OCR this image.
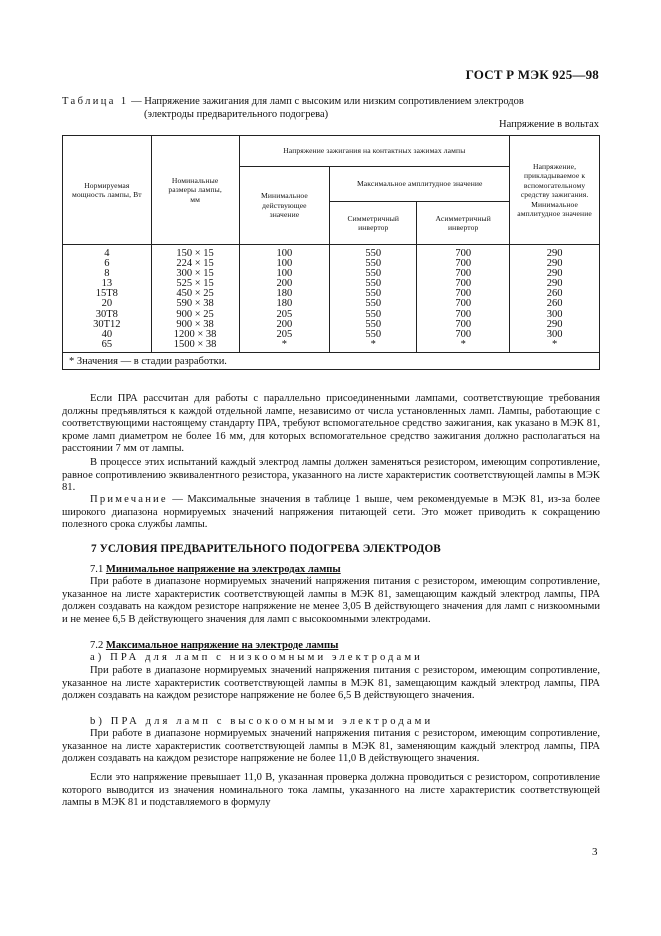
ГОСТ Р МЭК 925—98
Таблица 1 — Напряжение зажигания для ламп с высоким или низким сопротивлением электродов
(электроды предварительного подогрева)
Напряжение в вольтах
Нормируемая мощность лампы, Вт	Номинальные размеры лампы, мм	Напряжение зажигания на контактных зажимах лампы			Напряжение, прикладываемое к вспомогательному средству зажигания. Минимальное амплитудное значение
		Минимальное действующее значение	Максимальное амплитудное значение		
			Симметричный инвертор	Асимметричный инвертор	
4	150 × 15	100	550	700	290
6	224 × 15	100	550	700	290
8	300 × 15	100	550	700	290
13	525 × 15	200	550	700	290
15T8	450 × 25	180	550	700	260
20	590 × 38	180	550	700	260
30T8	900 × 25	205	550	700	300
30T12	900 × 38	200	550	700	290
40	1200 × 38	205	550	700	300
65	1500 × 38	*	*	*	*
* Значения — в стадии разработки.					
Если ПРА рассчитан для работы с параллельно присоединенными лампами, соответствующие требования должны предъявляться к каждой отдельной лампе, независимо от числа установленных ламп. Лампы, работающие с соответствующими настоящему стандарту ПРА, требуют вспомогательное средство зажигания, как указано в МЭК 81, кроме ламп диаметром не более 16 мм, для которых вспомогательное средство зажигания должно располагаться на расстоянии 7 мм от лампы.
В процессе этих испытаний каждый электрод лампы должен заменяться резистором, имеющим сопротивление, равное сопротивлению эквивалентного резистора, указанного на листе характеристик соответствующей лампы в МЭК 81.
Примечание — Максимальные значения в таблице 1 выше, чем рекомендуемые в МЭК 81, из-за более широкого диапазона нормируемых значений напряжения питающей сети. Это может приводить к сокращению полезного срока службы лампы.
7 УСЛОВИЯ ПРЕДВАРИТЕЛЬНОГО ПОДОГРЕВА ЭЛЕКТРОДОВ
7.1 Минимальное напряжение на электродах лампы
При работе в диапазоне нормируемых значений напряжения питания с резистором, имеющим сопротивление, указанное на листе характеристик соответствующей лампы в МЭК 81, замещающим каждый электрод лампы, ПРА должен создавать на каждом резисторе напряжение не менее 3,05 В действующего значения для ламп с низкоомными и не менее 6,5 В действующего значения для ламп с высокоомными электродами.
7.2 Максимальное напряжение на электроде лампы
а) ПРА для ламп с низкоомными электродами
При работе в диапазоне нормируемых значений напряжения питания с резистором, имеющим сопротивление, указанное на листе характеристик соответствующей лампы в МЭК 81, замещающим каждый электрод лампы, ПРА должен создавать на каждом резисторе напряжение не более 6,5 В действующего значения.
b) ПРА для ламп с высокоомными электродами
При работе в диапазоне нормируемых значений напряжения питания с резистором, имеющим сопротивление, указанное на листе характеристик соответствующей лампы в МЭК 81, заменяющим каждый электрод лампы, ПРА должен создавать на каждом резисторе напряжение не более 11,0 В действующего значения.
Если это напряжение превышает 11,0 В, указанная проверка должна проводиться с резистором, сопротивление которого выводится из значения номинального тока лампы, указанного на листе характеристик соответствующей лампы в МЭК 81 и подставляемого в формулу
3
